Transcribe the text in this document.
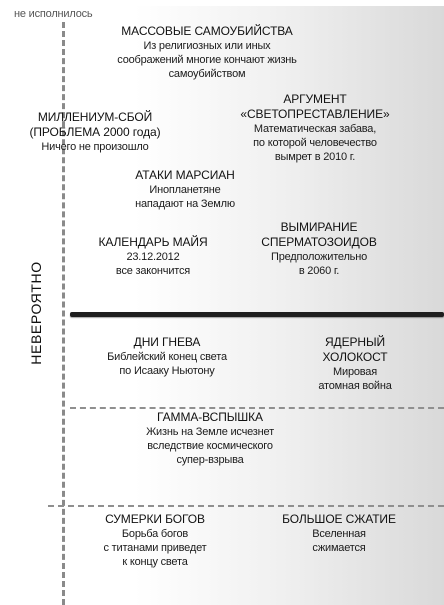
не исполнилось
НЕВЕРОЯТНО
МАССОВЫЕ САМОУБИЙСТВА
Из религиозных или иных
соображений многие кончают жизнь
самоубийством
МИЛЛЕНИУМ-СБОЙ
(ПРОБЛЕМА 2000 года)
Ничего не произошло
АРГУМЕНТ
«СВЕТОПРЕСТАВЛЕНИЕ»
Математическая забава,
по которой человечество
вымрет в 2010 г.
АТАКИ МАРСИАН
Инопланетяне
нападают на Землю
КАЛЕНДАРЬ МАЙЯ
23.12.2012
все закончится
ВЫМИРАНИЕ
СПЕРМАТОЗОИДОВ
Предположительно
в 2060 г.
ДНИ ГНЕВА
Библейский конец света
по Исааку Ньютону
ЯДЕРНЫЙ
ХОЛОКОСТ
Мировая
атомная война
ГАММА-ВСПЫШКА
Жизнь на Земле исчезнет
вследствие космического
супер-взрыва
СУМЕРКИ БОГОВ
Борьба богов
с титанами приведет
к концу света
БОЛЬШОЕ СЖАТИЕ
Вселенная
сжимается
